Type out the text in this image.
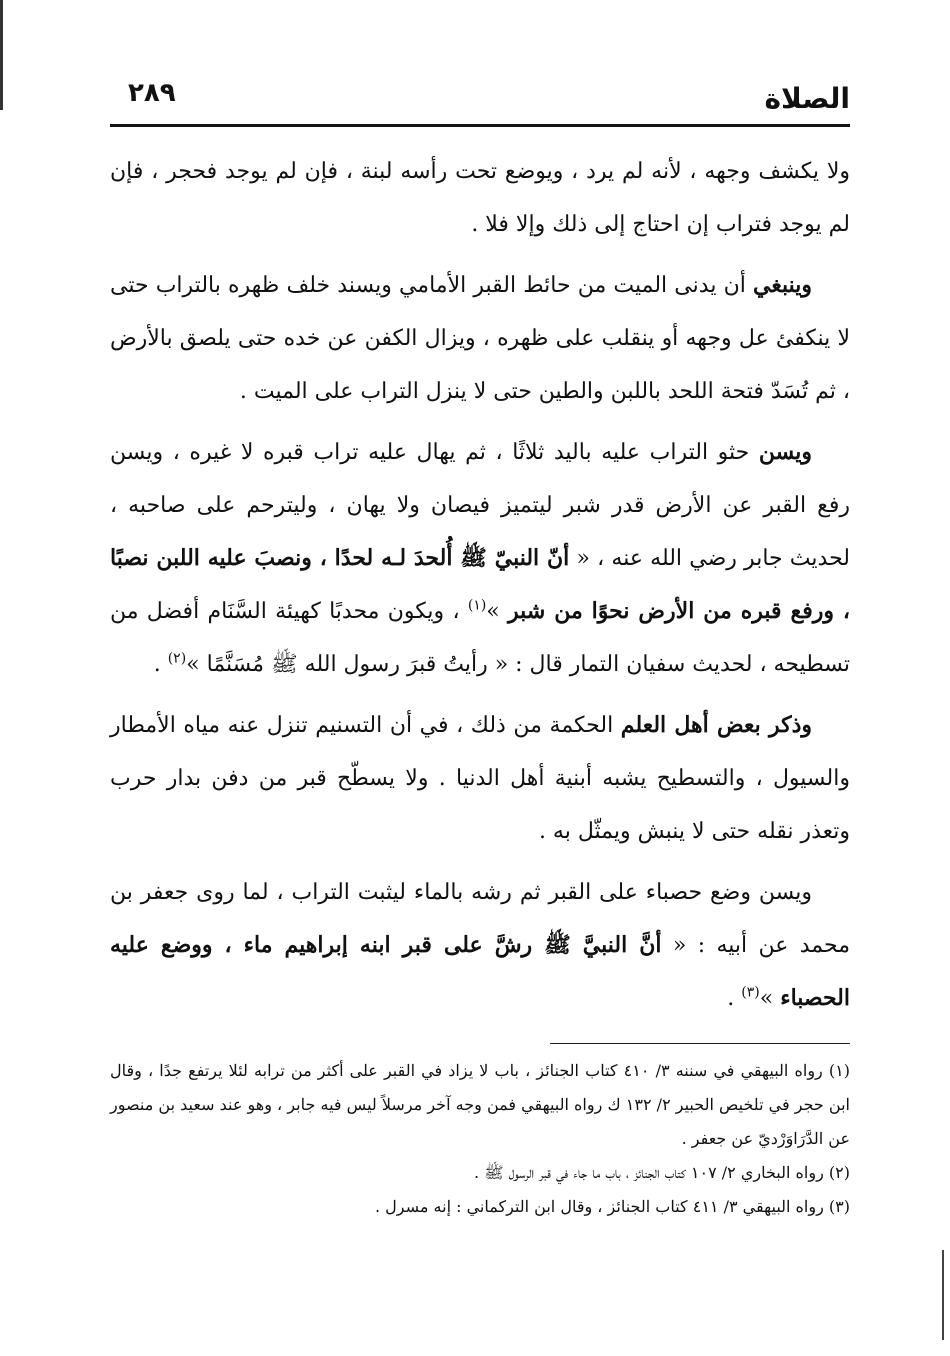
الصلاة
٢٨٩

ولا يكشف وجهه ، لأنه لم يرد ، ويوضع تحت رأسه لبنة ، فإن لم يوجد فحجر ، فإن لم يوجد فتراب إن احتاج إلى ذلك وإلا فلا .

وينبغي أن يدنى الميت من حائط القبر الأمامي ويسند خلف ظهره بالتراب حتى لا ينكفئ عل وجهه أو ينقلب على ظهره ، ويزال الكفن عن خده حتى يلصق بالأرض ، ثم تُسَدّ فتحة اللحد باللبن والطين حتى لا ينزل التراب على الميت .

ويسن حثو التراب عليه باليد ثلاثًا ، ثم يهال عليه تراب قبره لا غيره ، ويسن رفع القبر عن الأرض قدر شبر ليتميز فيصان ولا يهان ، وليترحم على صاحبه ، لحديث جابر رضي الله عنه ، « أنّ النبيّ ﷺ أُلحدَ لـه لحدًا ، ونصبَ عليه اللبن نصبًا ، ورفع قبره من الأرض نحوًا من شبر »$^{(١)}$ ، ويكون محدبًا كهيئة السَّنَام أفضل من تسطيحه ، لحديث سفيان التمار قال : « رأيتُ قبرَ رسول الله ﷺ مُسَنَّمًا »$^{(٢)}$ .

وذكر بعض أهل العلم الحكمة من ذلك ، في أن التسنيم تنزل عنه مياه الأمطار والسيول ، والتسطيح يشبه أبنية أهل الدنيا . ولا يسطّح قبر من دفن بدار حرب وتعذر نقله حتى لا ينبش ويمثّل به .

ويسن وضع حصباء على القبر ثم رشه بالماء ليثبت التراب ، لما روى جعفر بن محمد عن أبيه : « أنَّ النبيَّ ﷺ رشَّ على قبر ابنه إبراهيم ماء ، ووضع عليه الحصباء »$^{(٣)}$ .

(١) رواه البيهقي في سننه ٣/ ٤١٠ كتاب الجنائز ، باب لا يزاد في القبر على أكثر من ترابه لئلا يرتفع جدًا ، وقال ابن حجر في تلخيص الحبير ٢/ ١٣٢ ك رواه البيهقي فمن وجه آخر مرسلاً ليس فيه جابر ، وهو عند سعيد بن منصور عن الدَّرَاوَرْديّ عن جعفر .

(٢) رواه البخاري ٢/ ١٠٧ كتاب الجنائز ، باب ما جاء في قبر الرسول ﷺ .

(٣) رواه البيهقي ٣/ ٤١١ كتاب الجنائز ، وقال ابن التركماني : إنه مسرل .
